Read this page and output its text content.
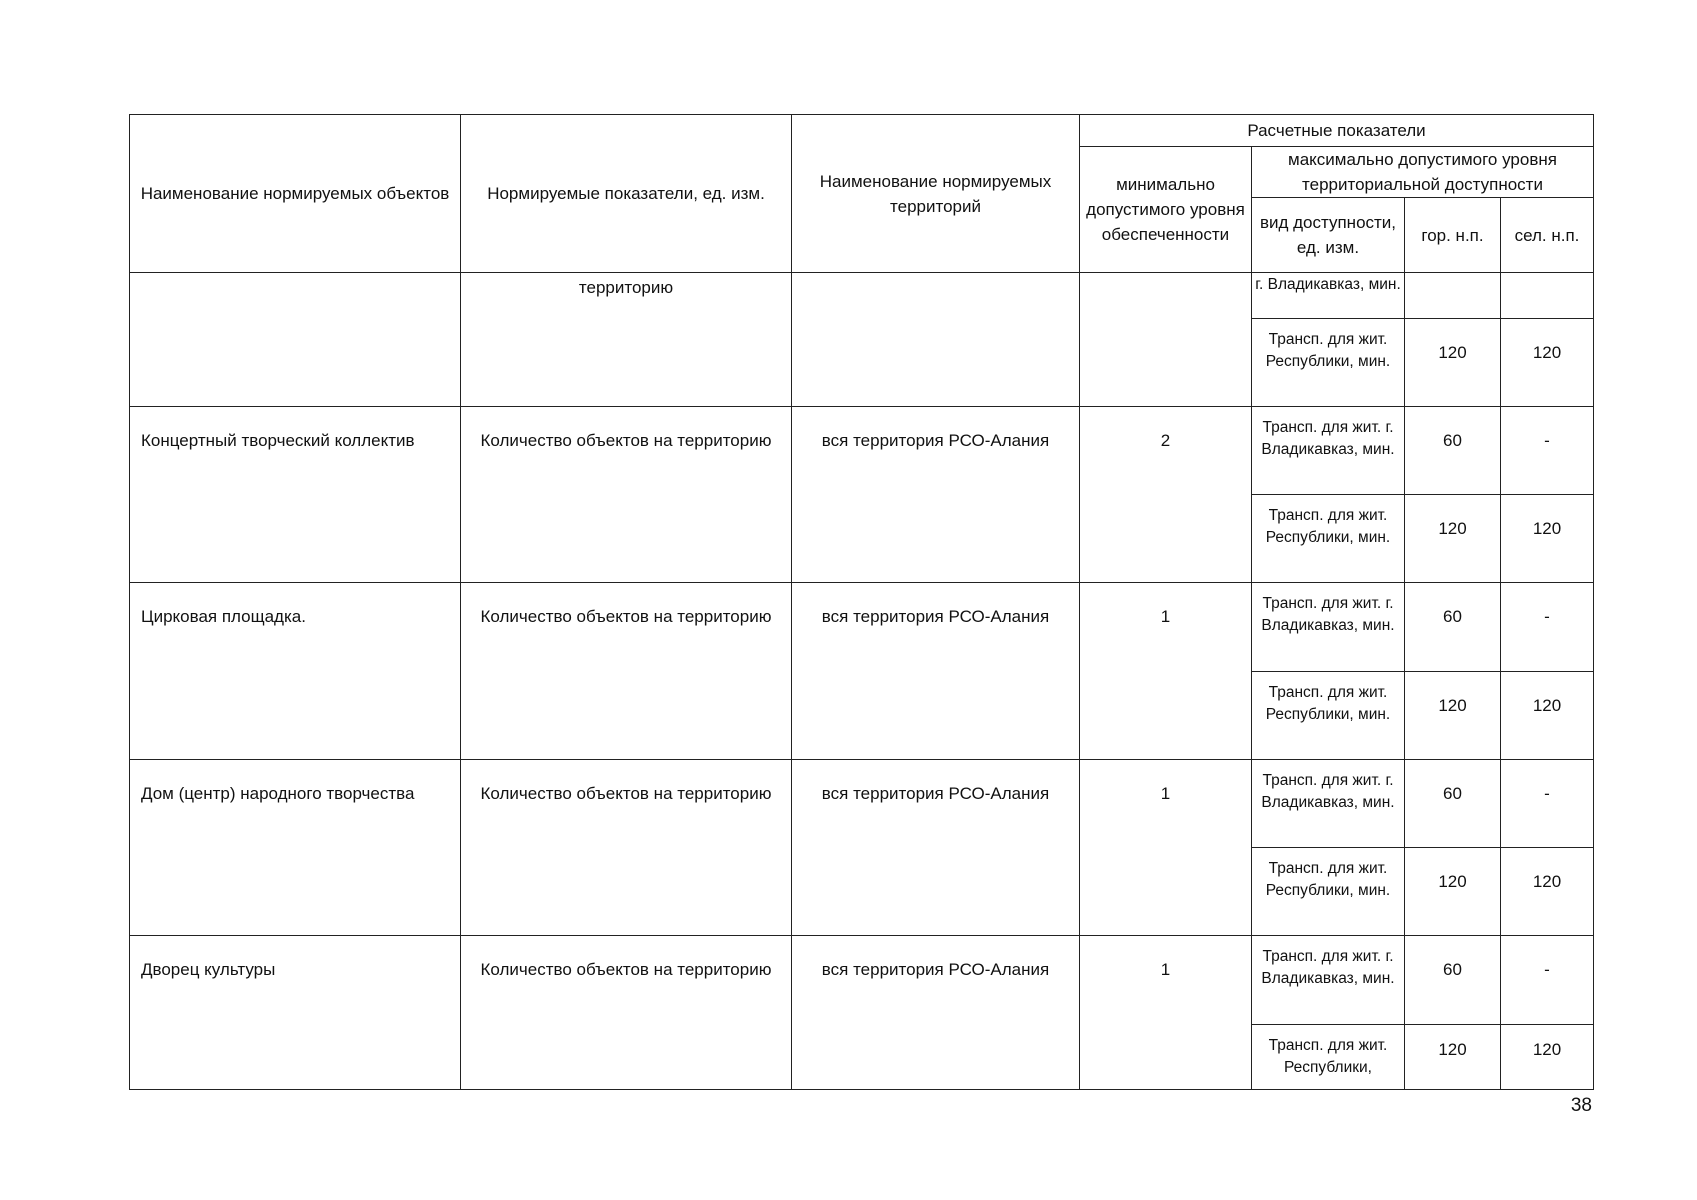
Наименование нормируемых объектов	Нормируемые показатели, ед. изм.	Наименование нормируемых территорий	Расчетные показатели			
			минимально допустимого уровня обеспеченности	максимально допустимого уровня территориальной доступности		
				вид доступности, ед. изм.	гор. н.п.	сел. н.п.
	территорию			г. Владикавказ, мин.		
				Трансп. для жит. Республики, мин.	120	120
Концертный творческий коллектив	Количество объектов на территорию	вся территория РСО-Алания	2	Трансп. для жит. г. Владикавказ, мин.	60	-
				Трансп. для жит. Республики, мин.	120	120
Цирковая площадка.	Количество объектов на территорию	вся территория РСО-Алания	1	Трансп. для жит. г. Владикавказ, мин.	60	-
				Трансп. для жит. Республики, мин.	120	120
Дом (центр) народного творчества	Количество объектов на территорию	вся территория РСО-Алания	1	Трансп. для жит. г. Владикавказ, мин.	60	-
				Трансп. для жит. Республики, мин.	120	120
Дворец культуры	Количество объектов на территорию	вся территория РСО-Алания	1	Трансп. для жит. г. Владикавказ, мин.	60	-
				Трансп. для жит. Республики,	120	120
38
